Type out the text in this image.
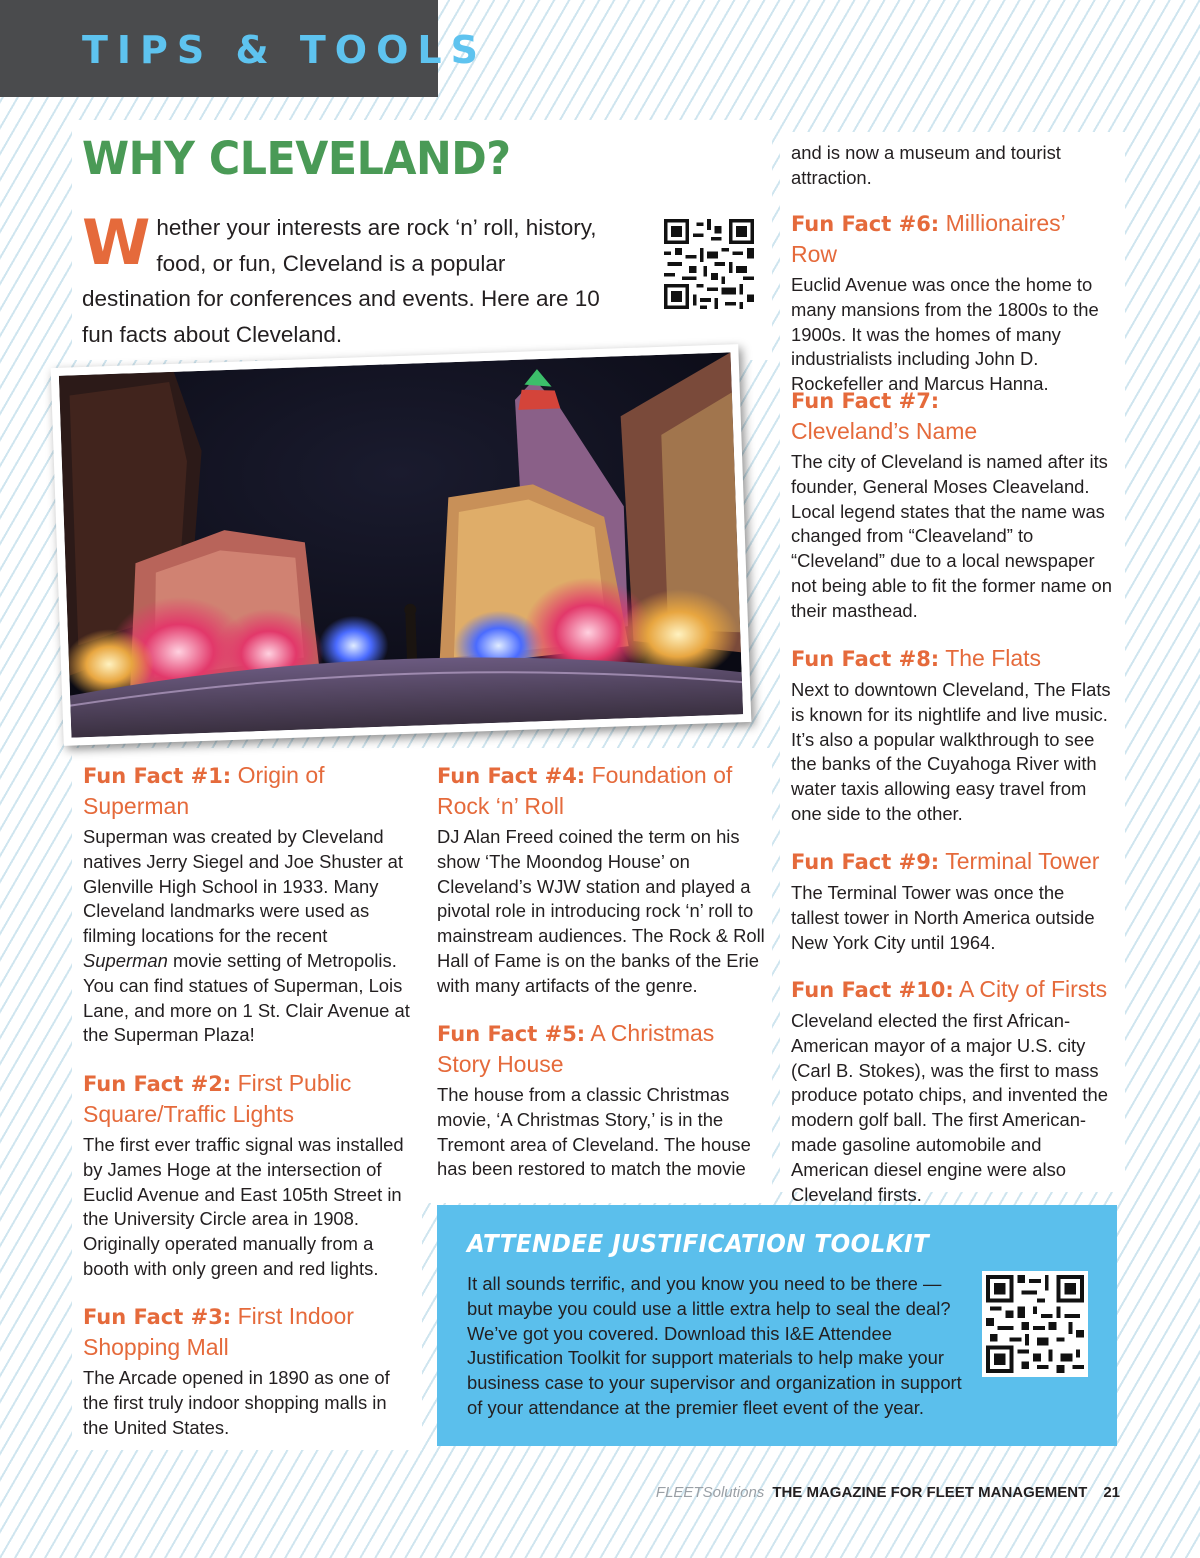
TIPS & TOOLS
WHY CLEVELAND?
Whether your interests are rock ‘n’ roll, history, food, or fun, Cleveland is a popular destination for conferences and events. Here are 10 fun facts about Cleveland.
Fun Fact #1: Origin of Superman

Superman was created by Cleveland natives Jerry Siegel and Joe Shuster at Glenville High School in 1933. Many Cleveland landmarks were used as filming locations for the recent Superman movie setting of Metropolis. You can find statues of Superman, Lois Lane, and more on 1 St. Clair Avenue at the Superman Plaza!

Fun Fact #2: First Public Square/Traffic Lights

The first ever traffic signal was installed by James Hoge at the intersection of Euclid Avenue and East 105th Street in the University Circle area in 1908. Originally operated manually from a booth with only green and red lights.

Fun Fact #3: First Indoor Shopping Mall

The Arcade opened in 1890 as one of the first truly indoor shopping malls in the United States.

Fun Fact #4: Foundation of Rock ‘n’ Roll

DJ Alan Freed coined the term on his show ‘The Moondog House’ on Cleveland’s WJW station and played a pivotal role in introducing rock ‘n’ roll to mainstream audiences. The Rock & Roll Hall of Fame is on the banks of the Erie with many artifacts of the genre.

Fun Fact #5: A Christmas Story House

The house from a classic Christmas movie, ‘A Christmas Story,’ is in the Tremont area of Cleveland. The house has been restored to match the movie

and is now a museum and tourist attraction.
Fun Fact #6: Millionaires’ Row

Euclid Avenue was once the home to many mansions from the 1800s to the 1900s. It was the homes of many industrialists including John D. Rockefeller and Marcus Hanna.

Fun Fact #7:
Cleveland’s Name

The city of Cleveland is named after its founder, General Moses Cleaveland. Local legend states that the name was changed from “Cleaveland” to “Cleveland” due to a local newspaper not being able to fit the former name on their masthead.

Fun Fact #8: The Flats

Next to downtown Cleveland, The Flats is known for its nightlife and live music. It’s also a popular walkthrough to see the banks of the Cuyahoga River with water taxis allowing easy travel from one side to the other.

Fun Fact #9: Terminal Tower

The Terminal Tower was once the tallest tower in North America outside New York City until 1964.

Fun Fact #10: A City of Firsts

Cleveland elected the first African-American mayor of a major U.S. city (Carl B. Stokes), was the first to mass produce potato chips, and invented the modern golf ball. The first American-made gasoline automobile and American diesel engine were also Cleveland firsts.

ATTENDEE JUSTIFICATION TOOLKIT

It all sounds terrific, and you know you need to be there — but maybe you could use a little extra help to seal the deal? We’ve got you covered. Download this I&E Attendee Justification Toolkit for support materials to help make your business case to your supervisor and organization in support of your attendance at the premier fleet event of the year.

FLEETSolutions THE MAGAZINE FOR FLEET MANAGEMENT 21
